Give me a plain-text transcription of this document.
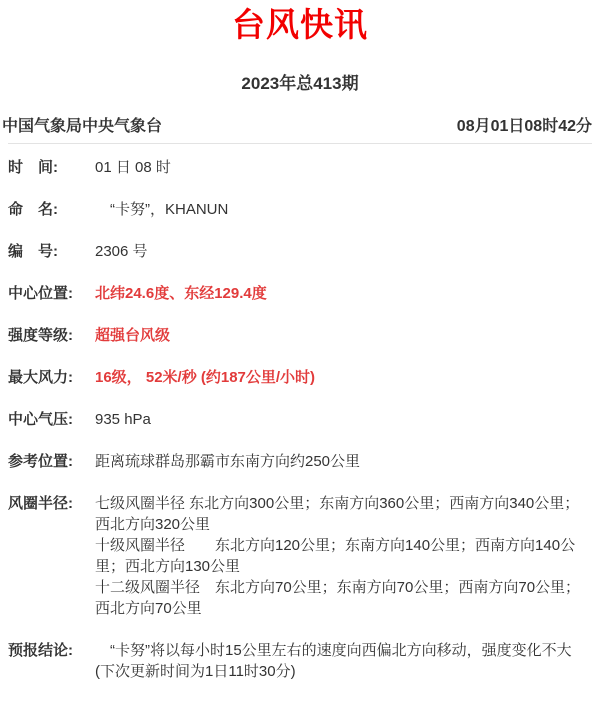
台风快讯
2023年总413期
中国气象局中央气象台	08月01日08时42分
时　间:	01 日 08 时
命　名:	　“卡努”，KHANUN
编　号:	2306 号
中心位置:	北纬24.6度、东经129.4度
强度等级:	超强台风级
最大风力:	16级， 52米/秒 (约187公里/小时)
中心气压:	935 hPa
参考位置:	距离琉球群岛那霸市东南方向约250公里
风圈半径:	七级风圈半径 东北方向300公里；东南方向360公里；西南方向340公里；西北方向320公里
十级风圈半径　　东北方向120公里；东南方向140公里；西南方向140公里；西北方向130公里
十二级风圈半径　东北方向70公里；东南方向70公里；西南方向70公里；西北方向70公里
预报结论:	　“卡努”将以每小时15公里左右的速度向西偏北方向移动，强度变化不大
(下次更新时间为1日11时30分)
